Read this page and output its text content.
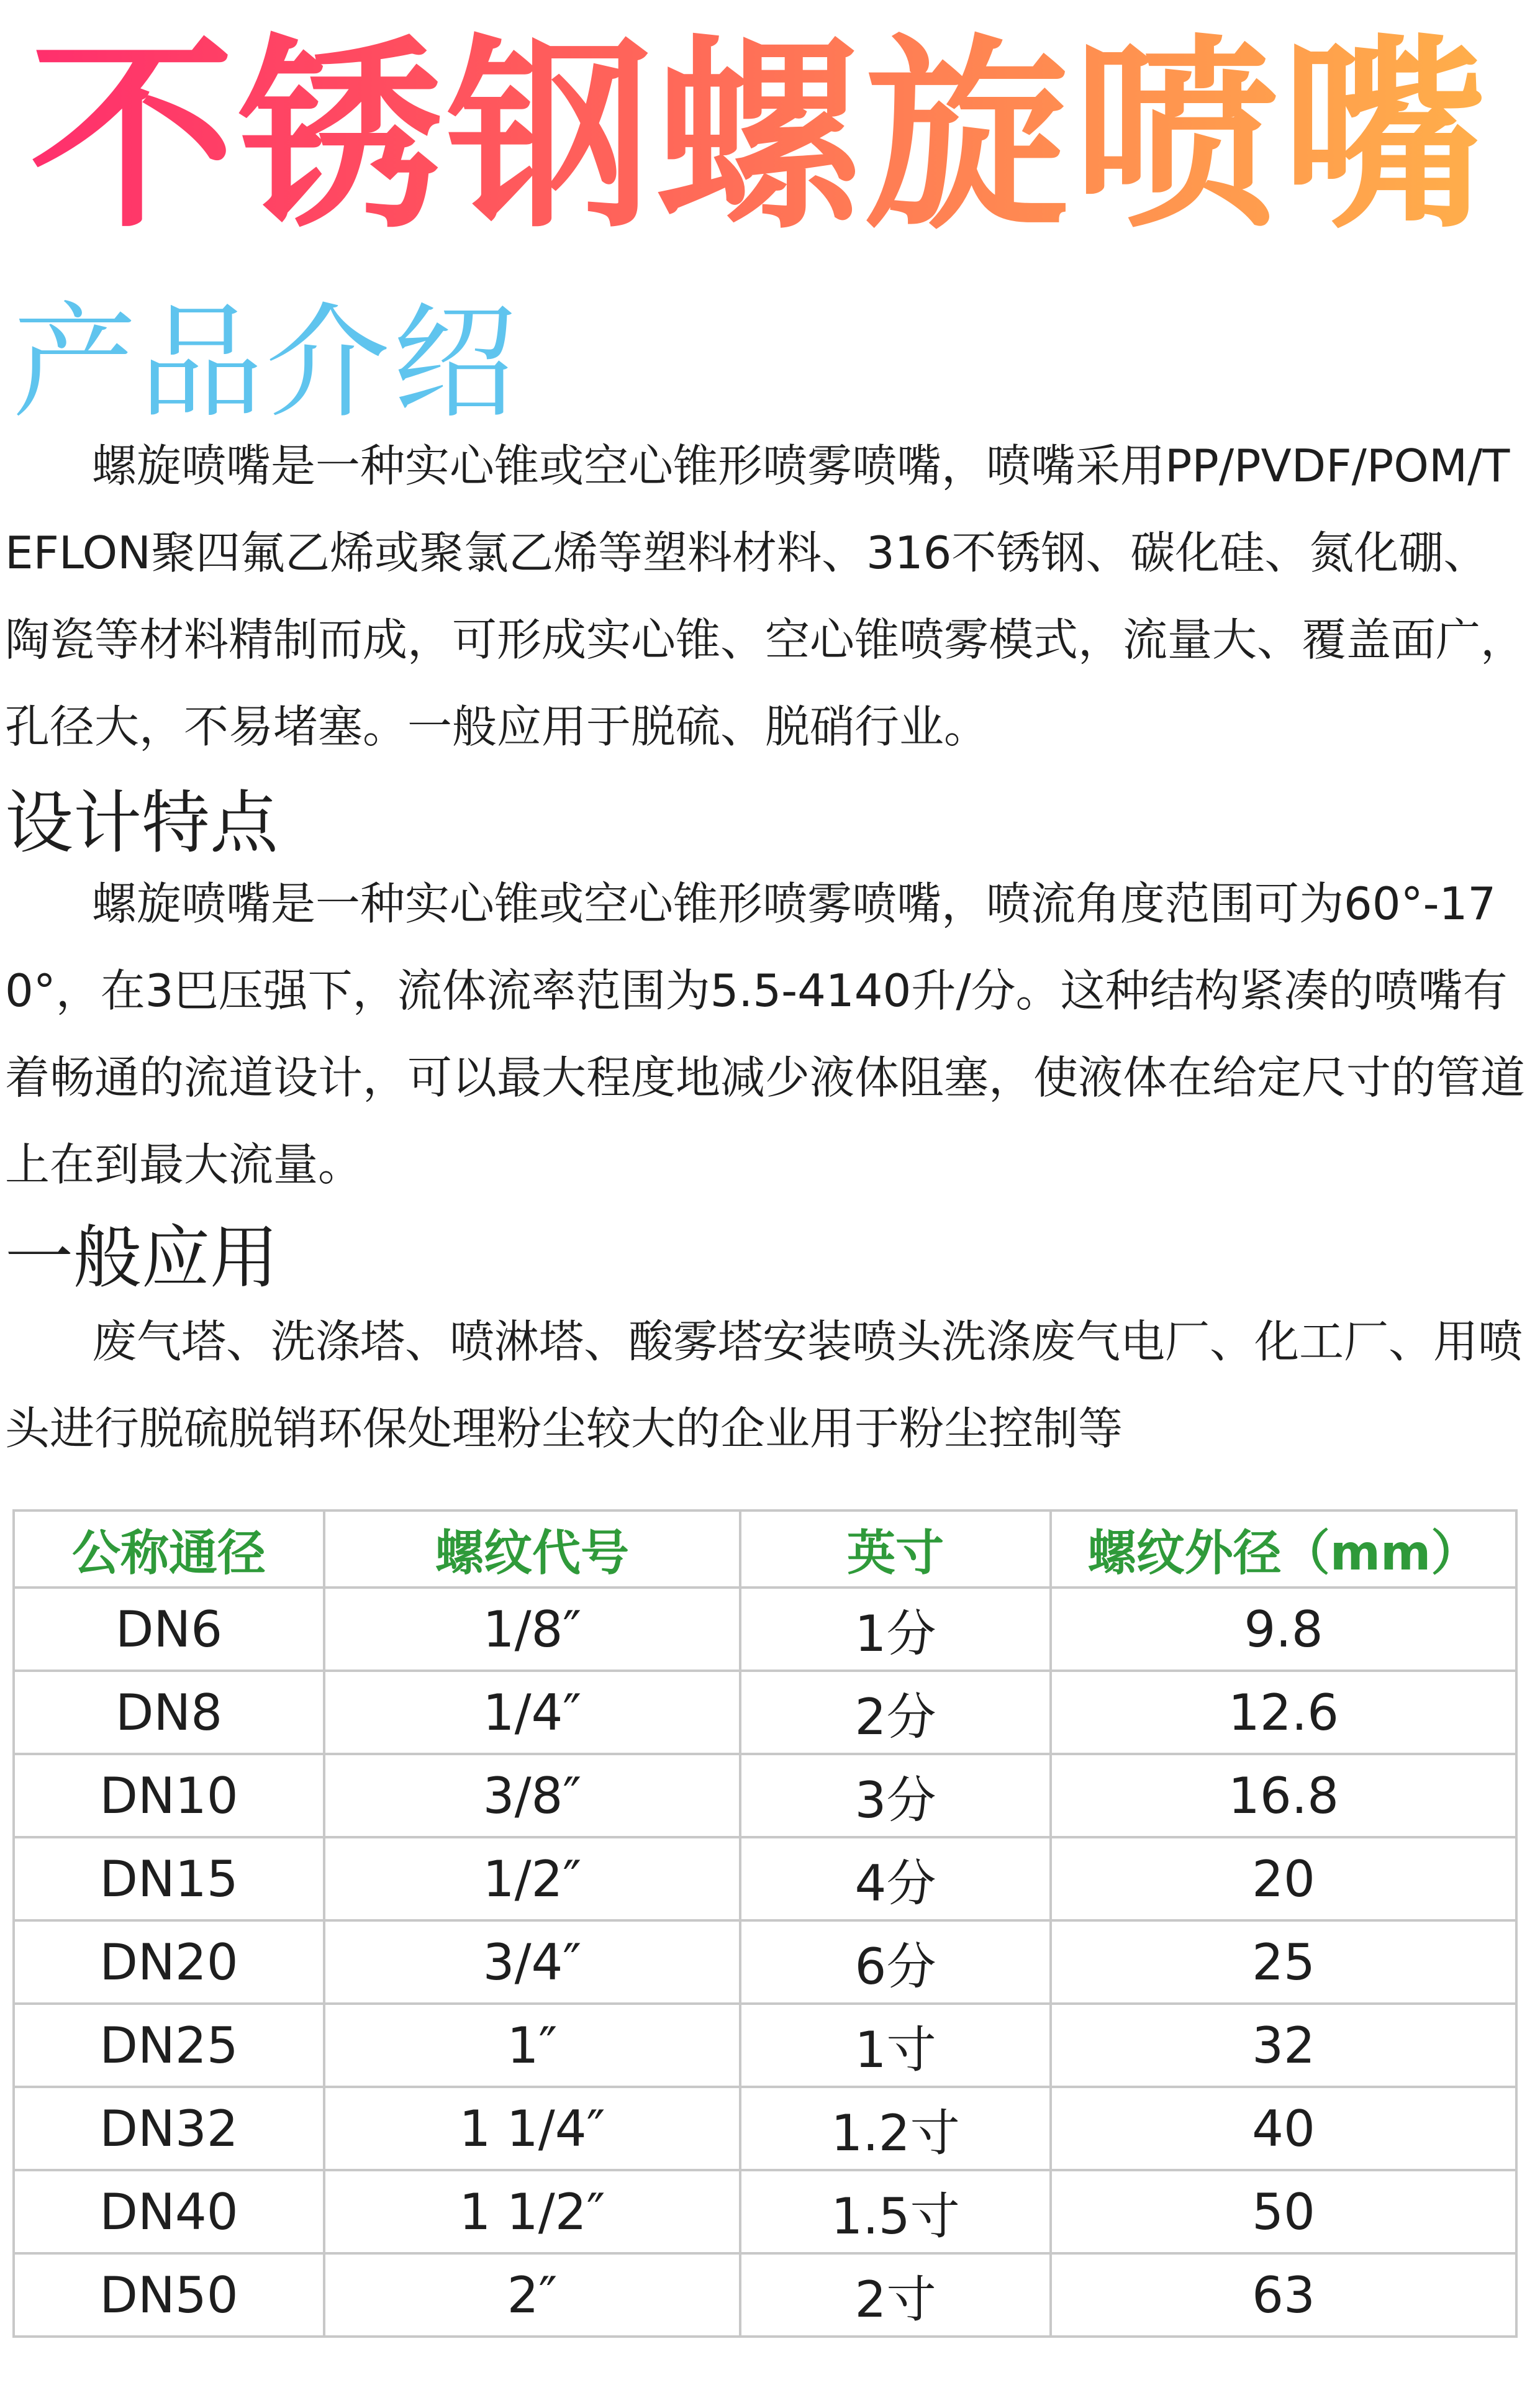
不锈钢螺旋喷嘴
产品介绍
螺旋喷嘴是一种实心锥或空心锥形喷雾喷嘴，喷嘴采用PP/PVDF/POM/TEFLON聚四氟乙烯或聚氯乙烯等塑料材料、316不锈钢、碳化硅、氮化硼、陶瓷等材料精制而成，可形成实心锥、空心锥喷雾模式，流量大、覆盖面广，孔径大，不易堵塞。一般应用于脱硫、脱硝行业。
设计特点
螺旋喷嘴是一种实心锥或空心锥形喷雾喷嘴，喷流角度范围可为60°-170°，在3巴压强下，流体流率范围为5.5-4140升/分。这种结构紧凑的喷嘴有着畅通的流道设计，可以最大程度地减少液体阻塞，使液体在给定尺寸的管道上在到最大流量。
一般应用
废气塔、洗涤塔、喷淋塔、酸雾塔安装喷头洗涤废气电厂、化工厂、用喷头进行脱硫脱销环保处理粉尘较大的企业用于粉尘控制等
公称通径	螺纹代号	英寸	螺纹外径（mm）
DN6	1/8″	1分	9.8
DN8	1/4″	2分	12.6
DN10	3/8″	3分	16.8
DN15	1/2″	4分	20
DN20	3/4″	6分	25
DN25	1″	1寸	32
DN32	1 1/4″	1.2寸	40
DN40	1 1/2″	1.5寸	50
DN50	2″	2寸	63
